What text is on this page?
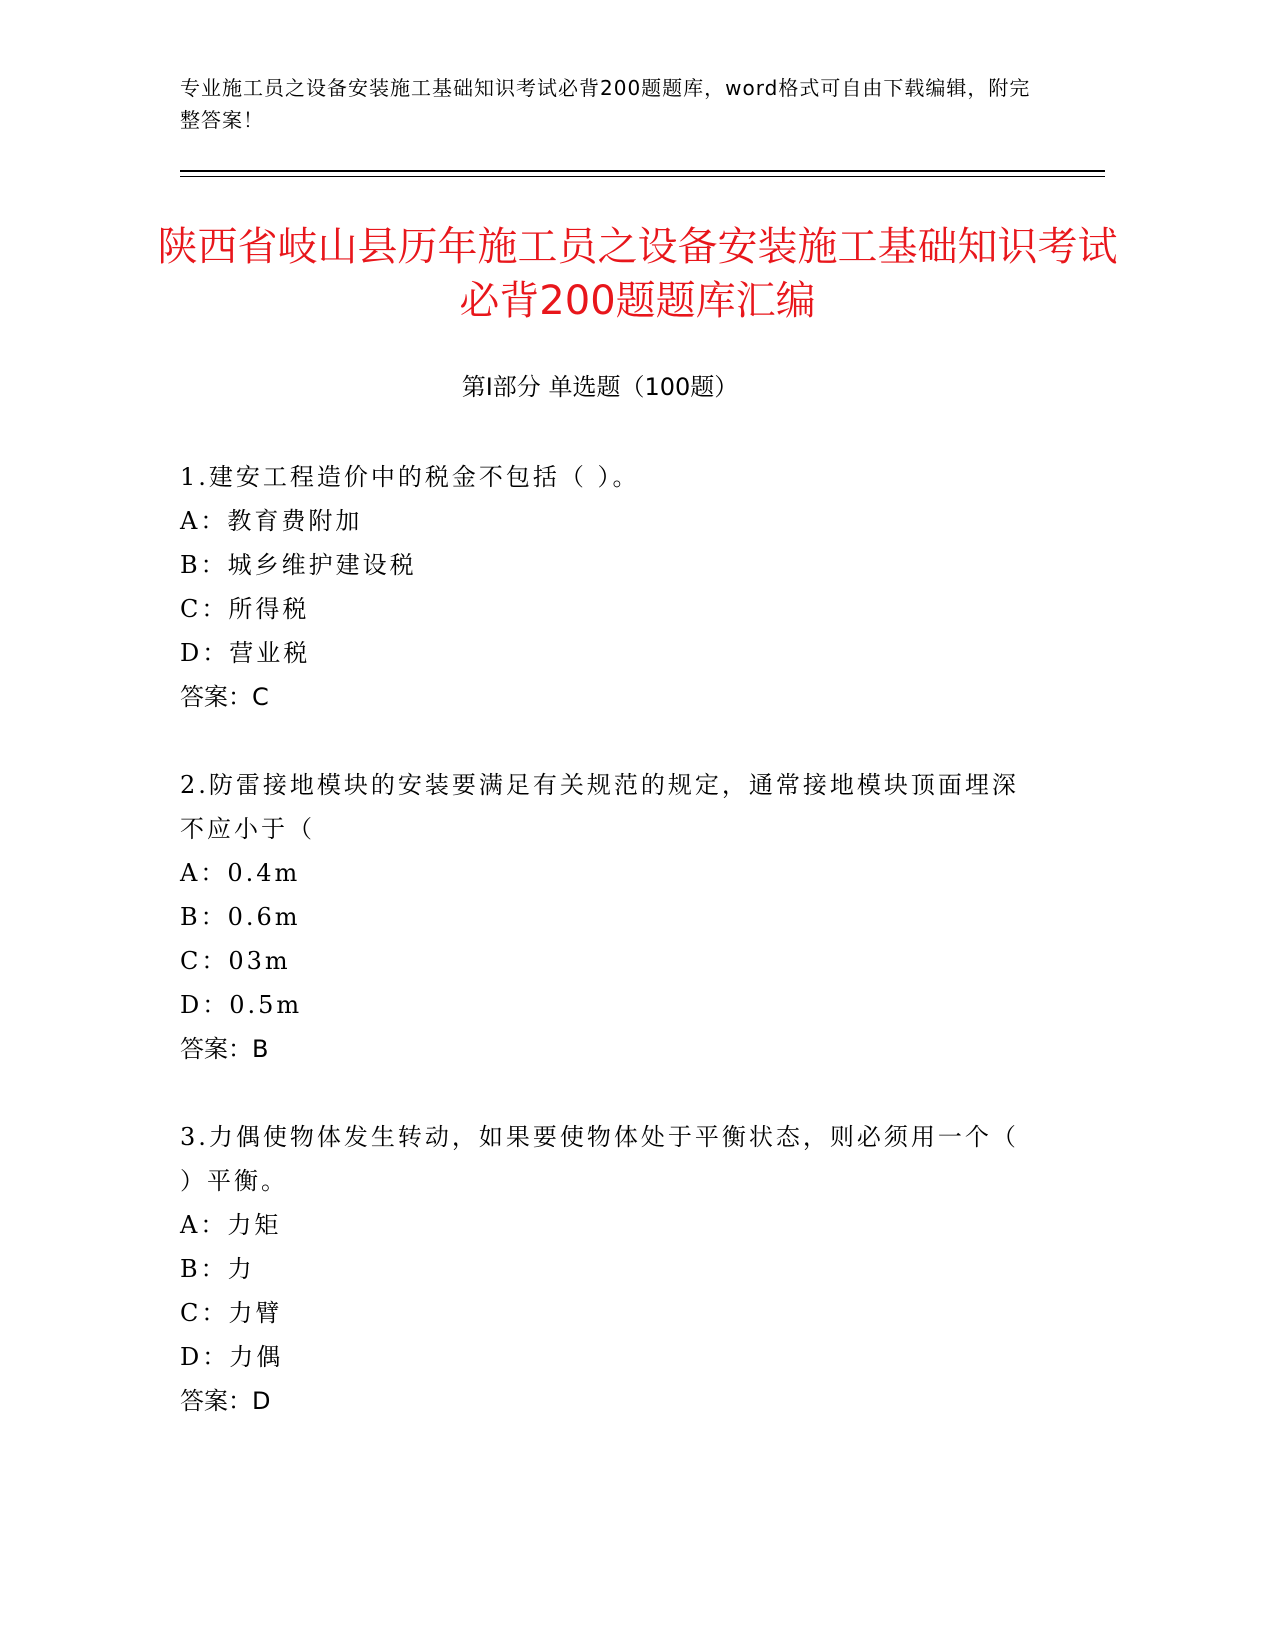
专业施工员之设备安装施工基础知识考试必背200题题库，word格式可自由下载编辑，附完整答案！
陕西省岐山县历年施工员之设备安装施工基础知识考试必背200题题库汇编
第I部分 单选题（100题）

1.建安工程造价中的税金不包括（ ）。

A：教育费附加

B：城乡维护建设税

C：所得税

D：营业税

答案：C

2.防雷接地模块的安装要满足有关规范的规定，通常接地模块顶面埋深不应小于（

A：0.4m

B：0.6m

C：03m

D：0.5m

答案：B

3.力偶使物体发生转动，如果要使物体处于平衡状态，则必须用一个（ ）平衡。

A：力矩

B：力

C：力臂

D：力偶

答案：D
